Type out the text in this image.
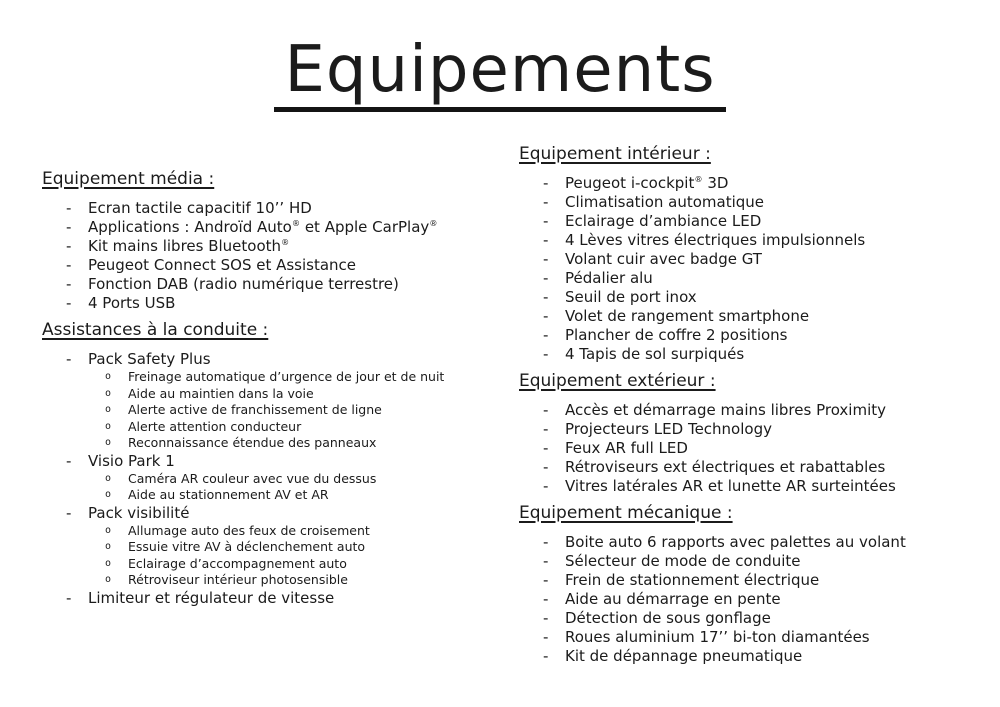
Equipements
Equipement média :
-	Ecran tactile capacitif 10’’ HD
-	Applications : Androïd Auto® et Apple CarPlay®
-	Kit mains libres Bluetooth®
-	Peugeot Connect SOS et Assistance
-	Fonction DAB (radio numérique terrestre)
-	4 Ports USB
Assistances à la conduite :
-	Pack Safety Plus
o	Freinage automatique d’urgence de jour et de nuit
o	Aide au maintien dans la voie
o	Alerte active de franchissement de ligne
o	Alerte attention conducteur
o	Reconnaissance étendue des panneaux
-	Visio Park 1
o	Caméra AR couleur avec vue du dessus
o	Aide au stationnement AV et AR
-	Pack visibilité
o	Allumage auto des feux de croisement
o	Essuie vitre AV à déclenchement auto
o	Eclairage d’accompagnement auto
o	Rétroviseur intérieur photosensible
-	Limiteur et régulateur de vitesse
Equipement intérieur :
-	Peugeot i-cockpit® 3D
-	Climatisation automatique
-	Eclairage d’ambiance LED
-	4 Lèves vitres électriques impulsionnels
-	Volant cuir avec badge GT
-	Pédalier alu
-	Seuil de port inox
-	Volet de rangement smartphone
-	Plancher de coffre 2 positions
-	4 Tapis de sol surpiqués
Equipement extérieur :
-	Accès et démarrage mains libres Proximity
-	Projecteurs LED Technology
-	Feux AR full LED
-	Rétroviseurs ext électriques et rabattables
-	Vitres latérales AR et lunette AR surteintées
Equipement mécanique :
-	Boite auto 6 rapports avec palettes au volant
-	Sélecteur de mode de conduite
-	Frein de stationnement électrique
-	Aide au démarrage en pente
-	Détection de sous gonflage
-	Roues aluminium 17’’ bi-ton diamantées
-	Kit de dépannage pneumatique
